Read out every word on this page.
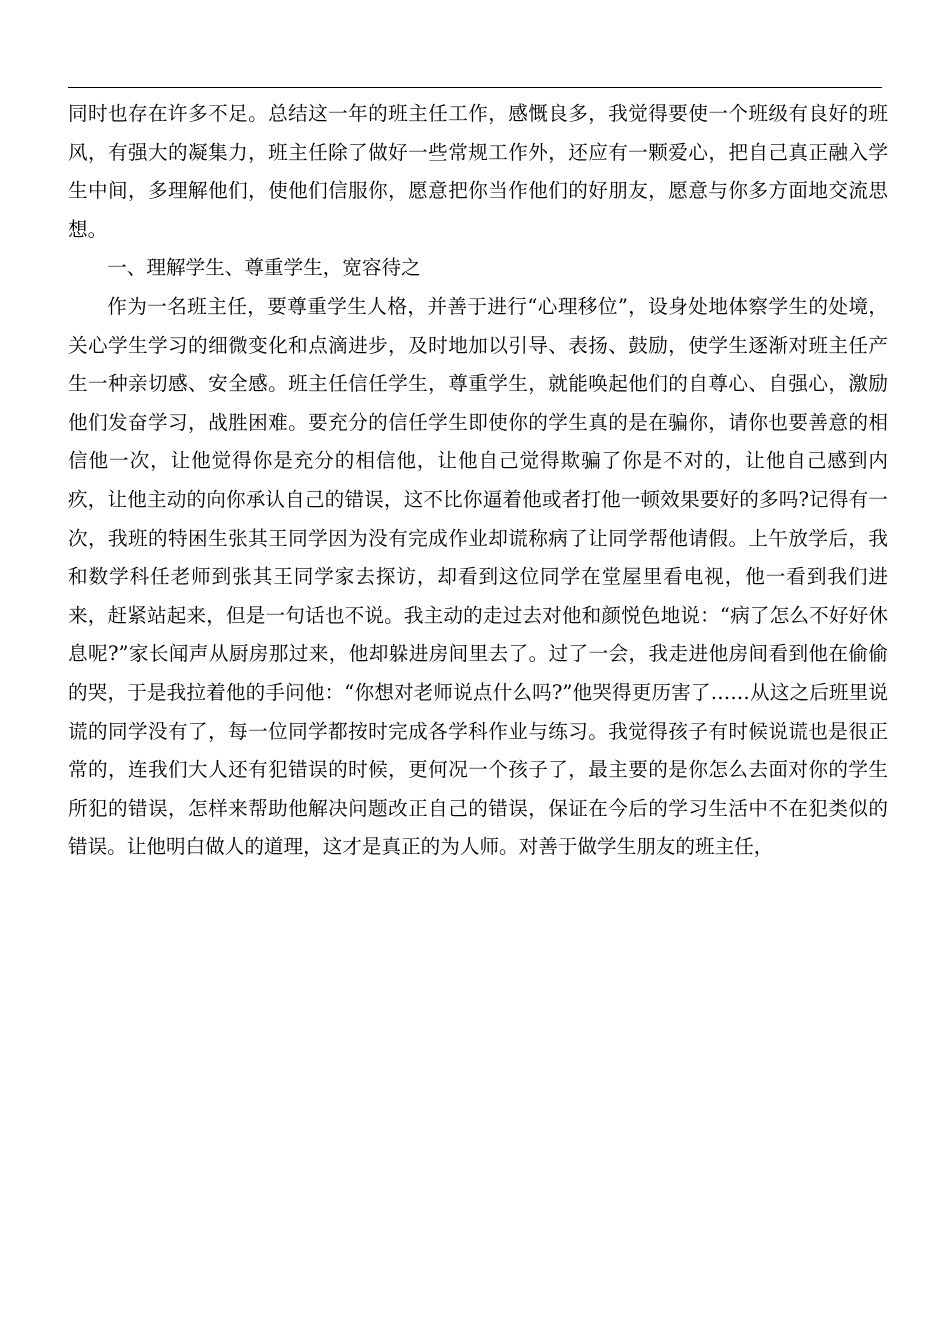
同时也存在许多不足。总结这一年的班主任工作，感慨良多，我觉得要使一个班级有良好的班风，有强大的凝集力，班主任除了做好一些常规工作外，还应有一颗爱心，把自己真正融入学生中间，多理解他们，使他们信服你，愿意把你当作他们的好朋友，愿意与你多方面地交流思想。

一、理解学生、尊重学生，宽容待之

作为一名班主任，要尊重学生人格，并善于进行“心理移位”，设身处地体察学生的处境，关心学生学习的细微变化和点滴进步，及时地加以引导、表扬、鼓励，使学生逐渐对班主任产生一种亲切感、安全感。班主任信任学生，尊重学生，就能唤起他们的自尊心、自强心，激励他们发奋学习，战胜困难。要充分的信任学生即使你的学生真的是在骗你，请你也要善意的相信他一次，让他觉得你是充分的相信他，让他自己觉得欺骗了你是不对的，让他自己感到内疚，让他主动的向你承认自己的错误，这不比你逼着他或者打他一顿效果要好的多吗?记得有一次，我班的特困生张其王同学因为没有完成作业却谎称病了让同学帮他请假。上午放学后，我和数学科任老师到张其王同学家去探访，却看到这位同学在堂屋里看电视，他一看到我们进来，赶紧站起来，但是一句话也不说。我主动的走过去对他和颜悦色地说：“病了怎么不好好休息呢?”家长闻声从厨房那过来，他却躲进房间里去了。过了一会，我走进他房间看到他在偷偷的哭，于是我拉着他的手问他：“你想对老师说点什么吗?”他哭得更历害了……从这之后班里说谎的同学没有了，每一位同学都按时完成各学科作业与练习。我觉得孩子有时候说谎也是很正常的，连我们大人还有犯错误的时候，更何况一个孩子了，最主要的是你怎么去面对你的学生所犯的错误，怎样来帮助他解决问题改正自己的错误，保证在今后的学习生活中不在犯类似的错误。让他明白做人的道理，这才是真正的为人师。对善于做学生朋友的班主任，
